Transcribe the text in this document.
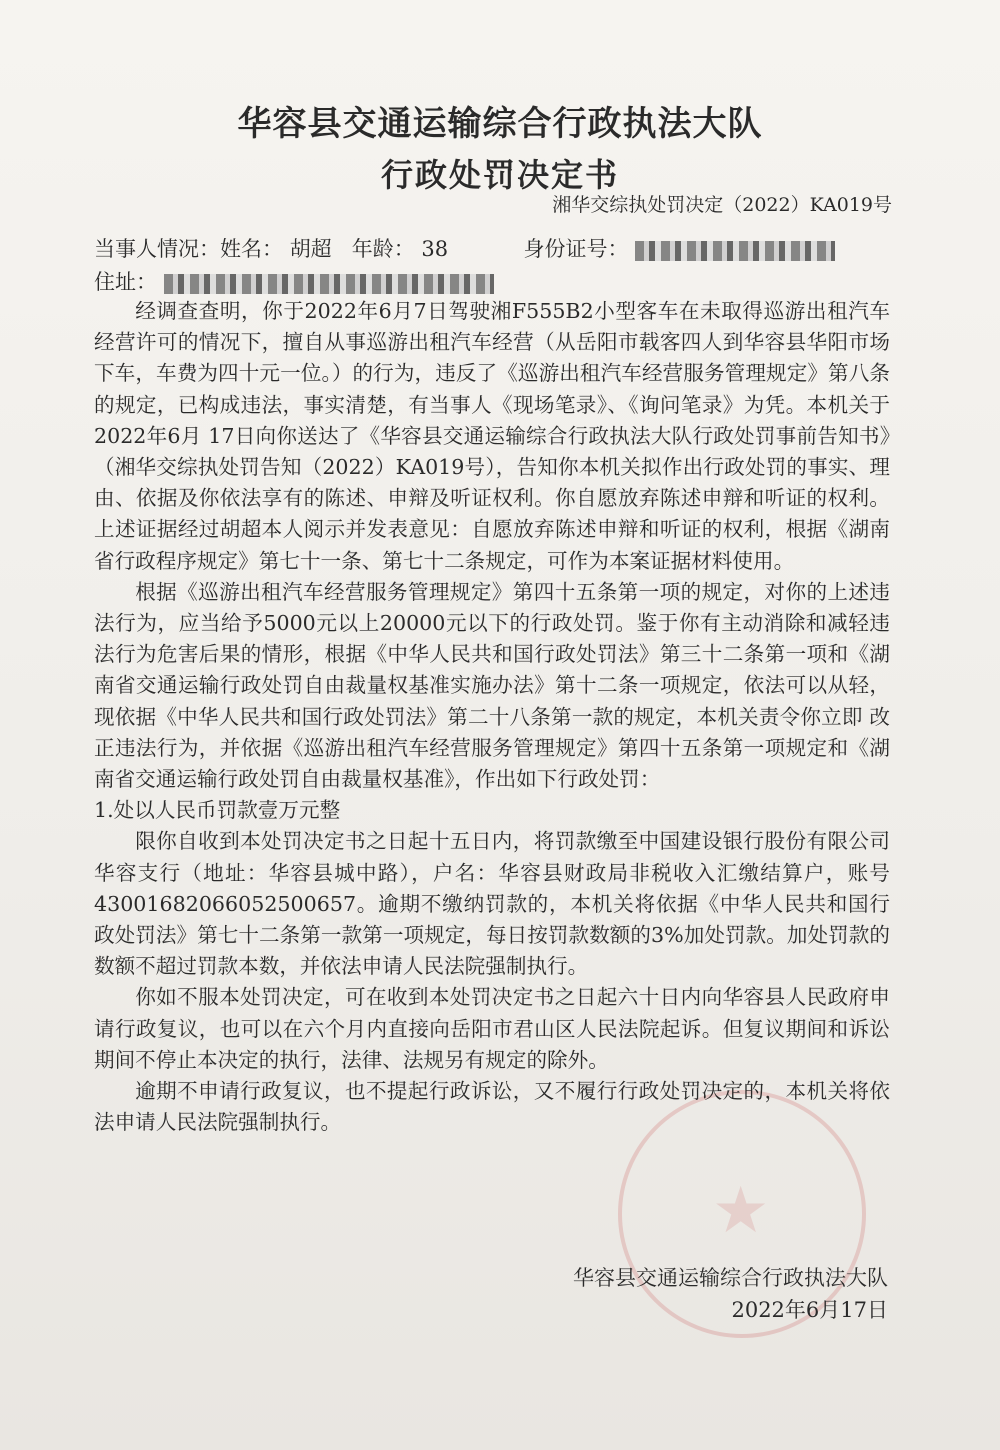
★
华容县交通运输综合行政执法大队
行政处罚决定书
湘华交综执处罚决定（2022）KA019号
当事人情况：姓名： 胡超 年龄： 38	身份证号：
住址：

经调查查明，你于2022年6月7日驾驶湘F555B2小型客车在未取得巡游出租汽车经营许可的情况下，擅自从事巡游出租汽车经营（从岳阳市载客四人到华容县华阳市场下车，车费为四十元一位。）的行为，违反了《巡游出租汽车经营服务管理规定》第八条的规定，已构成违法，事实清楚，有当事人《现场笔录》、《询问笔录》为凭。本机关于 2022年6月 17日向你送达了《华容县交通运输综合行政执法大队行政处罚事前告知书》（湘华交综执处罚告知（2022）KA019号），告知你本机关拟作出行政处罚的事实、理由、依据及你依法享有的陈述、申辩及听证权利。你自愿放弃陈述申辩和听证的权利。上述证据经过胡超本人阅示并发表意见：自愿放弃陈述申辩和听证的权利，根据《湖南省行政程序规定》第七十一条、第七十二条规定，可作为本案证据材料使用。

根据《巡游出租汽车经营服务管理规定》第四十五条第一项的规定，对你的上述违法行为，应当给予5000元以上20000元以下的行政处罚。鉴于你有主动消除和减轻违法行为危害后果的情形，根据《中华人民共和国行政处罚法》第三十二条第一项和《湖南省交通运输行政处罚自由裁量权基准实施办法》第十二条一项规定，依法可以从轻，现依据《中华人民共和国行政处罚法》第二十八条第一款的规定，本机关责令你立即 改正违法行为，并依据《巡游出租汽车经营服务管理规定》第四十五条第一项规定和《湖南省交通运输行政处罚自由裁量权基准》，作出如下行政处罚：

1.处以人民币罚款壹万元整

限你自收到本处罚决定书之日起十五日内，将罚款缴至中国建设银行股份有限公司华容支行（地址：华容县城中路），户名：华容县财政局非税收入汇缴结算户，账号43001682066052500657。逾期不缴纳罚款的，本机关将依据《中华人民共和国行政处罚法》第七十二条第一款第一项规定，每日按罚款数额的3%加处罚款。加处罚款的数额不超过罚款本数，并依法申请人民法院强制执行。

你如不服本处罚决定，可在收到本处罚决定书之日起六十日内向华容县人民政府申请行政复议，也可以在六个月内直接向岳阳市君山区人民法院起诉。但复议期间和诉讼期间不停止本决定的执行，法律、法规另有规定的除外。

逾期不申请行政复议，也不提起行政诉讼，又不履行行政处罚决定的，本机关将依法申请人民法院强制执行。

华容县交通运输综合行政执法大队
2022年6月17日
